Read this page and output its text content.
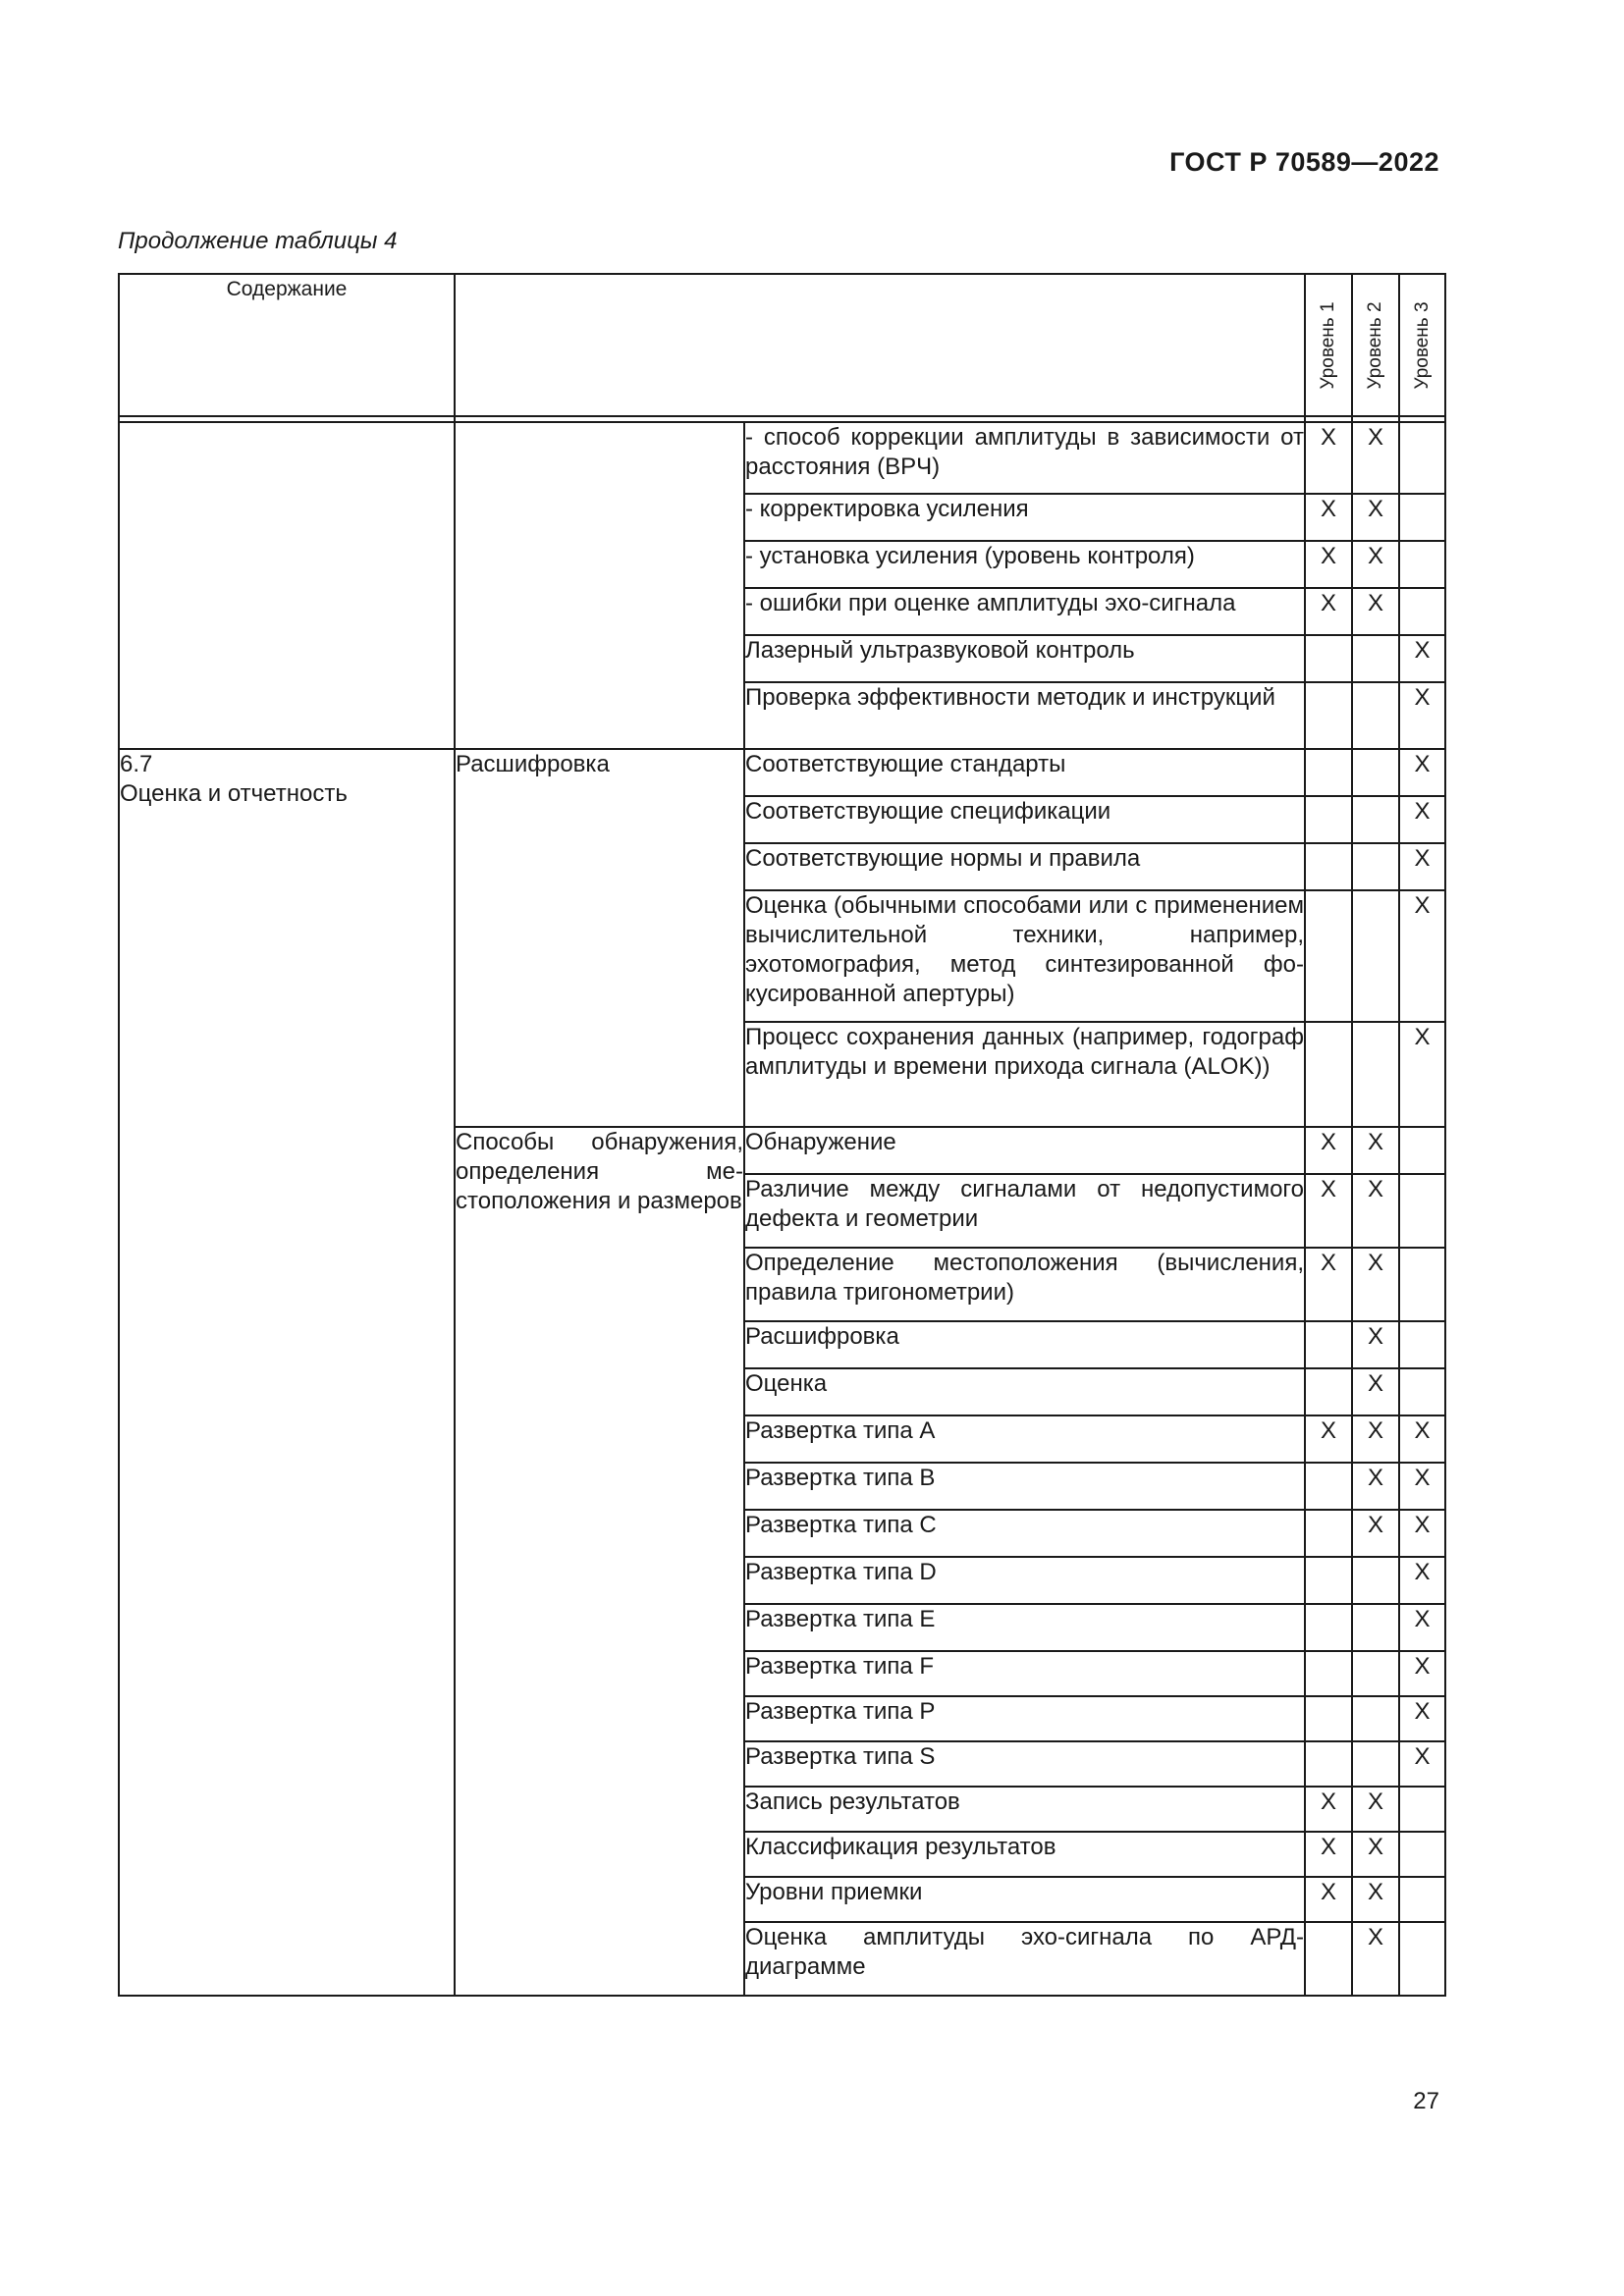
ГОСТ Р 70589—2022
Продолжение таблицы 4
Содержание			Уровень 1	Уровень 2	Уровень 3

		- способ коррекции амплитуды в зависимости от расстояния (ВРЧ)	X	X	
		- корректировка усиления	X	X	
		- установка усиления (уровень контроля)	X	X	
		- ошибки при оценке амплитуды эхо-сигнала	X	X	
		Лазерный ультразвуковой контроль			X
		Проверка эффективности методик и инструкций			X

6.7
Оценка и отчетность	Расшифровка	Соответствующие стандарты			X
		Соответствующие спецификации			X
		Соответствующие нормы и правила			X
		Оценка (обычными способами или с применением вычислительной техники, например, эхотомография, метод синтезированной фокусированной апертуры)			X
		Процесс сохранения данных (например, годограф амплитуды и времени прихода сигнала (ALOK))			X
	Способы обнаружения, определения местоположения и размеров	Обнаружение	X	X	
		Различие между сигналами от недопустимого дефекта и геометрии	X	X	
		Определение местоположения (вычисления, правила тригонометрии)	X	X	
		Расшифровка		X	
		Оценка		X	
		Развертка типа A	X	X	X
		Развертка типа B		X	X
		Развертка типа C		X	X
		Развертка типа D			X
		Развертка типа E			X
		Развертка типа F			X
		Развертка типа P			X
		Развертка типа S			X
		Запись результатов	X	X	
		Классификация результатов	X	X	
		Уровни приемки	X	X	
		Оценка амплитуды эхо-сигнала по АРД-диаграмме		X	
27
